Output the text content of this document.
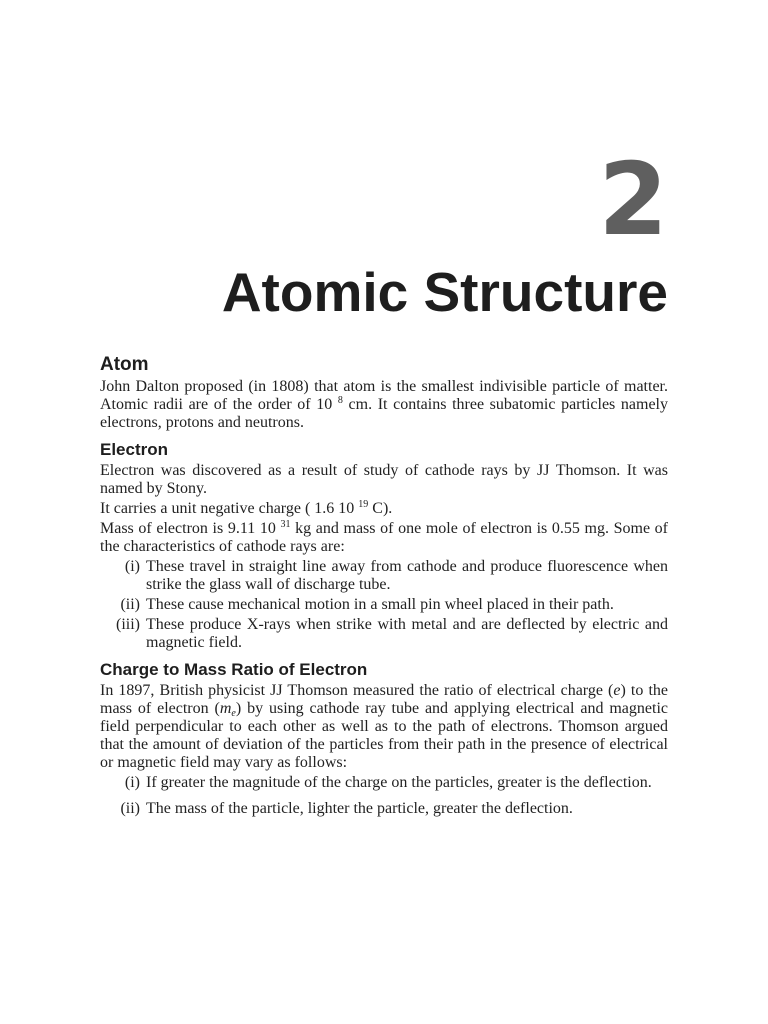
2
Atomic Structure
Atom

John Dalton proposed (in 1808) that atom is the smallest indivisible particle of matter. Atomic radii are of the order of 10 $^8$ cm. It contains three subatomic particles namely electrons, protons and neutrons.

Electron

Electron was discovered as a result of study of cathode rays by JJ Thomson. It was named by Stony.

It carries a unit negative charge ( 1.6 10 $^{19}$ C).

Mass of electron is 9.11 10 $^{31}$ kg and mass of one mole of electron is 0.55 mg. Some of the characteristics of cathode rays are:

(i) These travel in straight line away from cathode and produce fluorescence when strike the glass wall of discharge tube.
(ii) These cause mechanical motion in a small pin wheel placed in their path.
(iii) These produce X-rays when strike with metal and are deflected by electric and magnetic field.
Charge to Mass Ratio of Electron

In 1897, British physicist JJ Thomson measured the ratio of electrical charge (e) to the mass of electron $(m_e)$ by using cathode ray tube and applying electrical and magnetic field perpendicular to each other as well as to the path of electrons. Thomson argued that the amount of deviation of the particles from their path in the presence of electrical or magnetic field may vary as follows:

(i) If greater the magnitude of the charge on the particles, greater is the deflection.
(ii) The mass of the particle, lighter the particle, greater the deflection.
